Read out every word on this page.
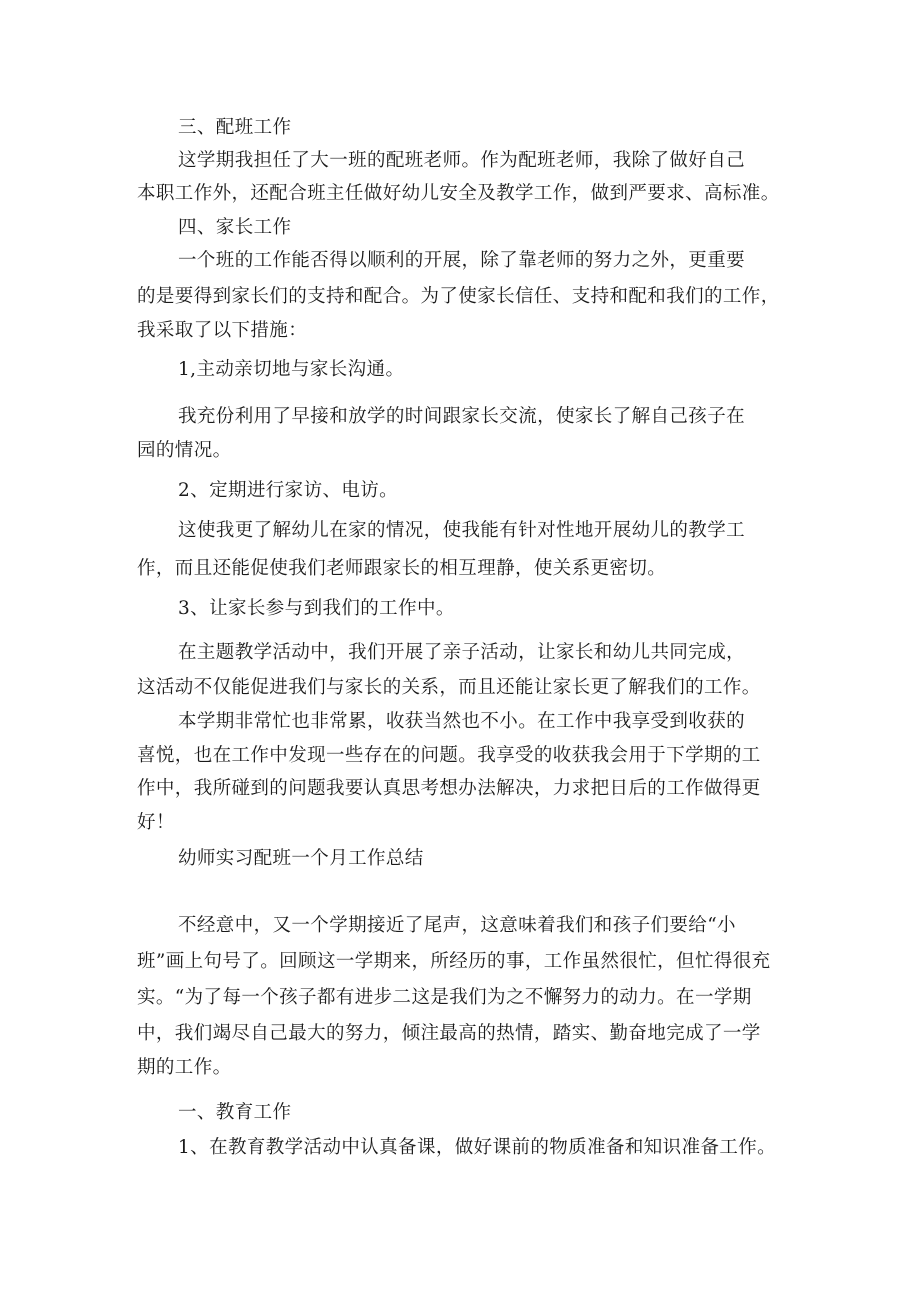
三、配班工作
这学期我担任了大一班的配班老师。作为配班老师，我除了做好自己
本职工作外，还配合班主任做好幼儿安全及教学工作，做到严要求、高标准。
四、家长工作
一个班的工作能否得以顺利的开展，除了靠老师的努力之外，更重要
的是要得到家长们的支持和配合。为了使家长信任、支持和配和我们的工作，
我采取了以下措施：
1,主动亲切地与家长沟通。
我充份利用了早接和放学的时间跟家长交流，使家长了解自己孩子在
园的情况。
2、定期进行家访、电访。
这使我更了解幼儿在家的情况，使我能有针对性地开展幼儿的教学工
作，而且还能促使我们老师跟家长的相互理静，使关系更密切。
3、让家长参与到我们的工作中。
在主题教学活动中，我们开展了亲子活动，让家长和幼儿共同完成，
这活动不仅能促进我们与家长的关系，而且还能让家长更了解我们的工作。
本学期非常忙也非常累，收获当然也不小。在工作中我享受到收获的
喜悦，也在工作中发现一些存在的问题。我享受的收获我会用于下学期的工
作中，我所碰到的问题我要认真思考想办法解决，力求把日后的工作做得更
好！
幼师实习配班一个月工作总结
不经意中，又一个学期接近了尾声，这意味着我们和孩子们要给“小
班”画上句号了。回顾这一学期来，所经历的事，工作虽然很忙，但忙得很充
实。“为了每一个孩子都有进步二这是我们为之不懈努力的动力。在一学期
中，我们竭尽自己最大的努力，倾注最高的热情，踏实、勤奋地完成了一学
期的工作。
一、教育工作
1、在教育教学活动中认真备课，做好课前的物质准备和知识准备工作。
